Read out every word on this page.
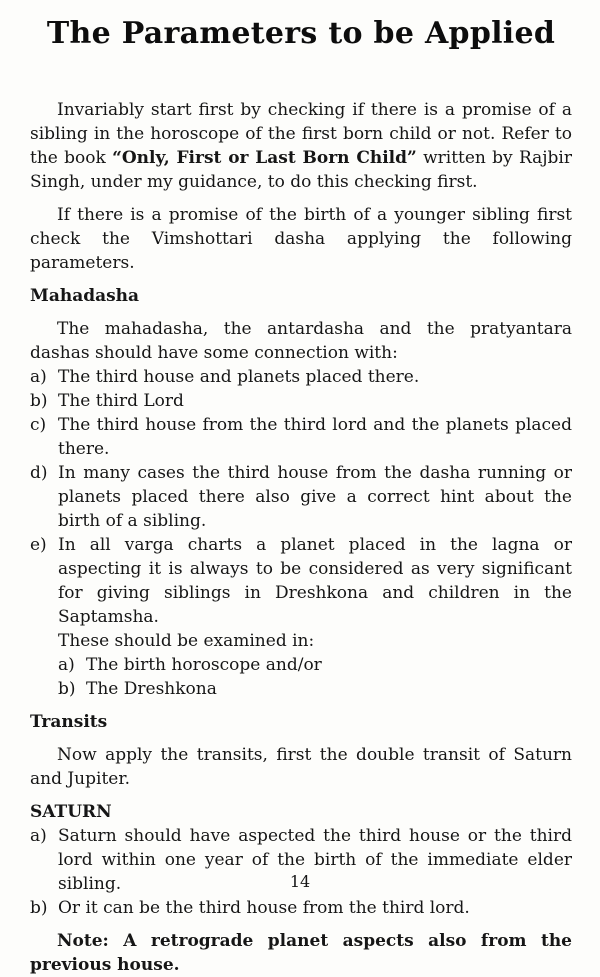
The Parameters to be Applied

Invariably start first by checking if there is a promise of a sibling in the horoscope of the first born child or not. Refer to the book “Only, First or Last Born Child” written by Rajbir Singh, under my guidance, to do this checking first.

If there is a promise of the birth of a younger sibling first check the Vimshottari dasha applying the following parameters.

Mahadasha

The mahadasha, the antardasha and the pratyantara dashas should have some connection with:

a) The third house and planets placed there.
b) The third Lord
c) The third house from the third lord and the planets placed there.
d) In many cases the third house from the dasha running or planets placed there also give a correct hint about the birth of a sibling.
e) In all varga charts a planet placed in the lagna or aspecting it is always to be considered as very significant for giving siblings in Dreshkona and children in the Saptamsha.

These should be examined in:

a) The birth horoscope and/or
b) The Dreshkona

Transits

Now apply the transits, first the double transit of Saturn and Jupiter.

SATURN

a) Saturn should have aspected the third house or the third lord within one year of the birth of the immediate elder sibling.
b) Or it can be the third house from the third lord.

Note: A retrograde planet aspects also from the previous house.

14
